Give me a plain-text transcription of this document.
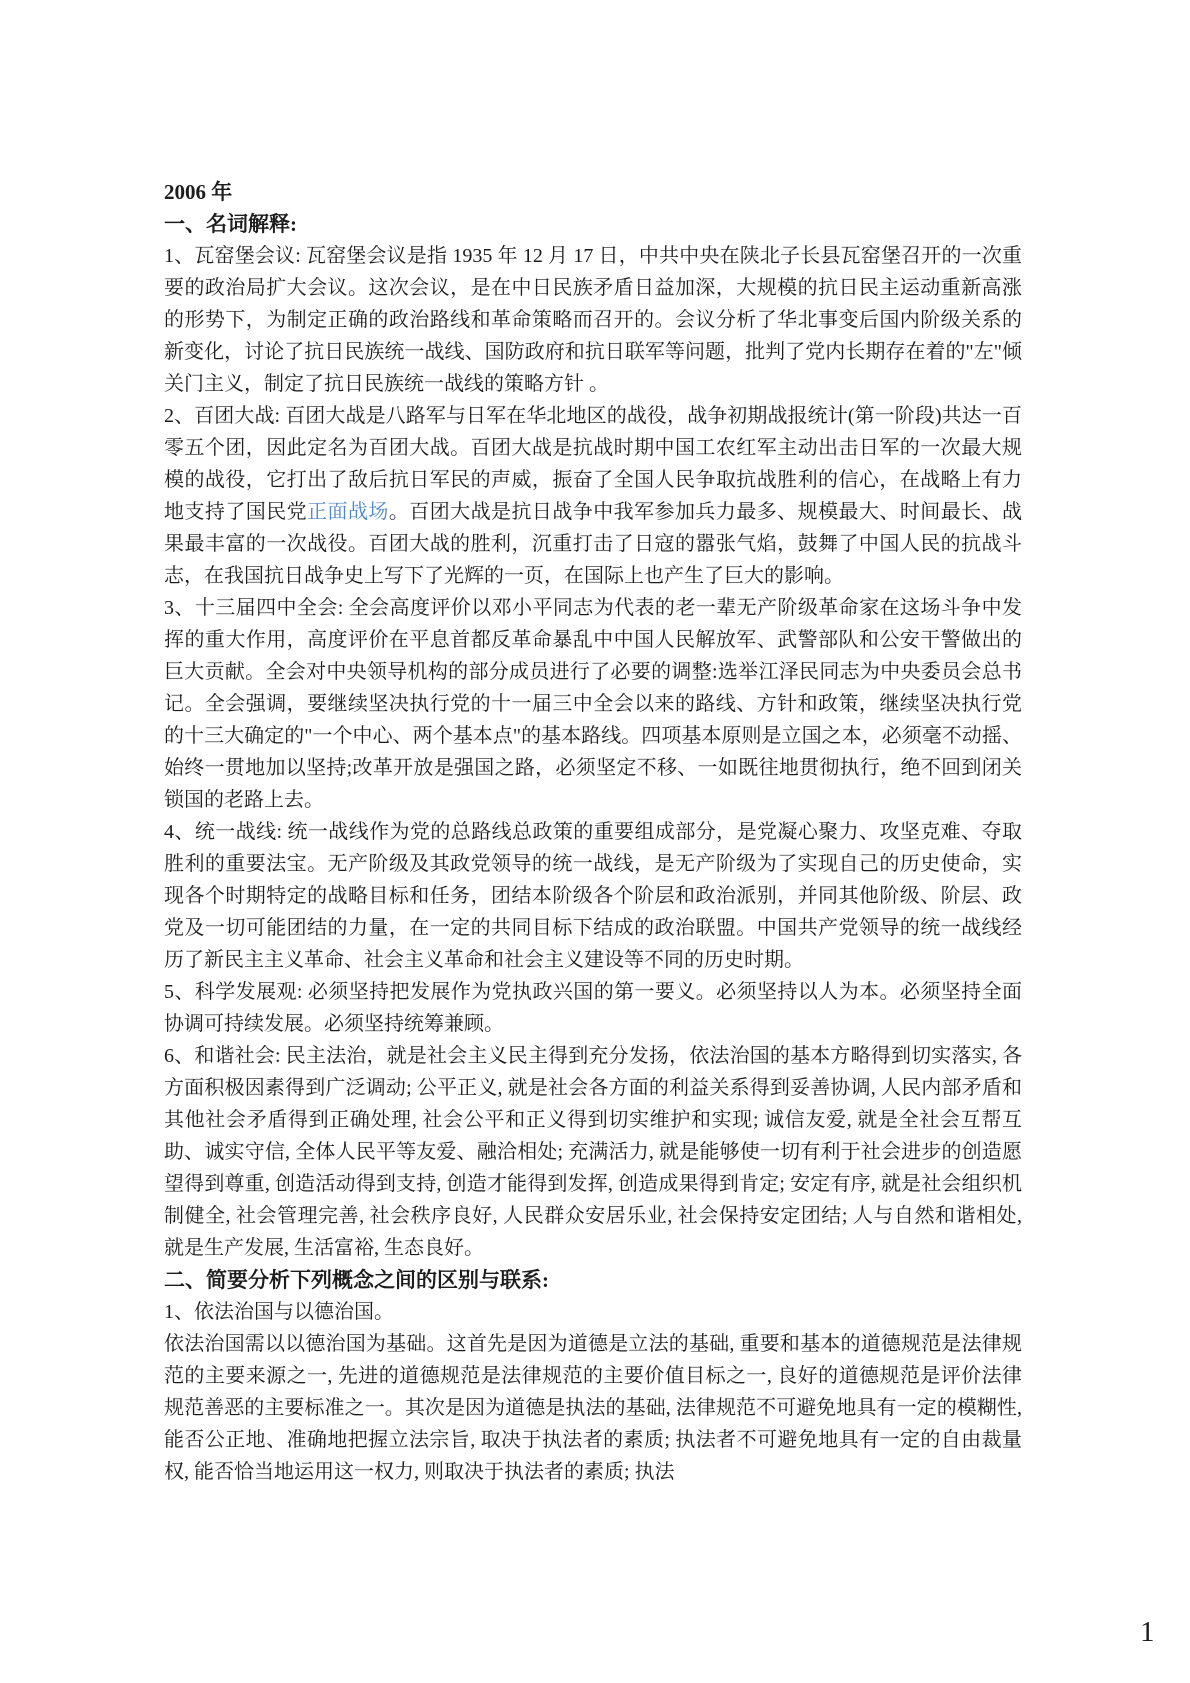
2006 年
一、名词解释:

1、瓦窑堡会议: 瓦窑堡会议是指 1935 年 12 月 17 日，中共中央在陕北子长县瓦窑堡召开的一次重要的政治局扩大会议。这次会议，是在中日民族矛盾日益加深，大规模的抗日民主运动重新高涨的形势下，为制定正确的政治路线和革命策略而召开的。会议分析了华北事变后国内阶级关系的新变化，讨论了抗日民族统一战线、国防政府和抗日联军等问题，批判了党内长期存在着的"左"倾关门主义，制定了抗日民族统一战线的策略方针 。

2、百团大战: 百团大战是八路军与日军在华北地区的战役，战争初期战报统计(第一阶段)共达一百零五个团，因此定名为百团大战。百团大战是抗战时期中国工农红军主动出击日军的一次最大规模的战役，它打出了敌后抗日军民的声威，振奋了全国人民争取抗战胜利的信心，在战略上有力地支持了国民党正面战场。百团大战是抗日战争中我军参加兵力最多、规模最大、时间最长、战果最丰富的一次战役。百团大战的胜利，沉重打击了日寇的嚣张气焰，鼓舞了中国人民的抗战斗志，在我国抗日战争史上写下了光辉的一页，在国际上也产生了巨大的影响。

3、十三届四中全会: 全会高度评价以邓小平同志为代表的老一辈无产阶级革命家在这场斗争中发挥的重大作用，高度评价在平息首都反革命暴乱中中国人民解放军、武警部队和公安干警做出的巨大贡献。全会对中央领导机构的部分成员进行了必要的调整:选举江泽民同志为中央委员会总书记。全会强调，要继续坚决执行党的十一届三中全会以来的路线、方针和政策，继续坚决执行党的十三大确定的"一个中心、两个基本点"的基本路线。四项基本原则是立国之本，必须毫不动摇、始终一贯地加以坚持;改革开放是强国之路，必须坚定不移、一如既往地贯彻执行，绝不回到闭关锁国的老路上去。

4、统一战线: 统一战线作为党的总路线总政策的重要组成部分，是党凝心聚力、攻坚克难、夺取胜利的重要法宝。无产阶级及其政党领导的统一战线，是无产阶级为了实现自己的历史使命，实现各个时期特定的战略目标和任务，团结本阶级各个阶层和政治派别，并同其他阶级、阶层、政党及一切可能团结的力量，在一定的共同目标下结成的政治联盟。中国共产党领导的统一战线经历了新民主主义革命、社会主义革命和社会主义建设等不同的历史时期。

5、科学发展观: 必须坚持把发展作为党执政兴国的第一要义。必须坚持以人为本。必须坚持全面协调可持续发展。必须坚持统筹兼顾。

6、和谐社会: 民主法治，就是社会主义民主得到充分发扬，依法治国的基本方略得到切实落实, 各方面积极因素得到广泛调动; 公平正义, 就是社会各方面的利益关系得到妥善协调, 人民内部矛盾和其他社会矛盾得到正确处理, 社会公平和正义得到切实维护和实现; 诚信友爱, 就是全社会互帮互助、诚实守信, 全体人民平等友爱、融洽相处; 充满活力, 就是能够使一切有利于社会进步的创造愿望得到尊重, 创造活动得到支持, 创造才能得到发挥, 创造成果得到肯定; 安定有序, 就是社会组织机制健全, 社会管理完善, 社会秩序良好, 人民群众安居乐业, 社会保持安定团结; 人与自然和谐相处, 就是生产发展, 生活富裕, 生态良好。

二、简要分析下列概念之间的区别与联系:

1、依法治国与以德治国。

依法治国需以以德治国为基础。这首先是因为道德是立法的基础, 重要和基本的道德规范是法律规范的主要来源之一, 先进的道德规范是法律规范的主要价值目标之一, 良好的道德规范是评价法律规范善恶的主要标准之一。其次是因为道德是执法的基础, 法律规范不可避免地具有一定的模糊性, 能否公正地、准确地把握立法宗旨, 取决于执法者的素质; 执法者不可避免地具有一定的自由裁量权, 能否恰当地运用这一权力, 则取决于执法者的素质; 执法

1
